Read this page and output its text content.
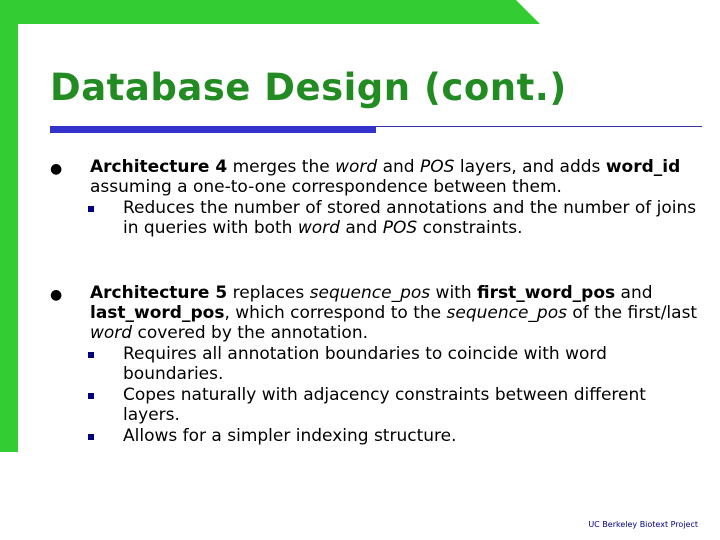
Database Design (cont.)
● Architecture 4 merges the word and POS layers, and adds word_id assuming a one-to-one correspondence between them.
Reduces the number of stored annotations and the number of joins in queries with both word and POS constraints.
● Architecture 5 replaces sequence_pos with first_word_pos and last_word_pos, which correspond to the sequence_pos of the first/last word covered by the annotation.
Requires all annotation boundaries to coincide with word boundaries.
Copes naturally with adjacency constraints between different layers.
Allows for a simpler indexing structure.
UC Berkeley Biotext Project
